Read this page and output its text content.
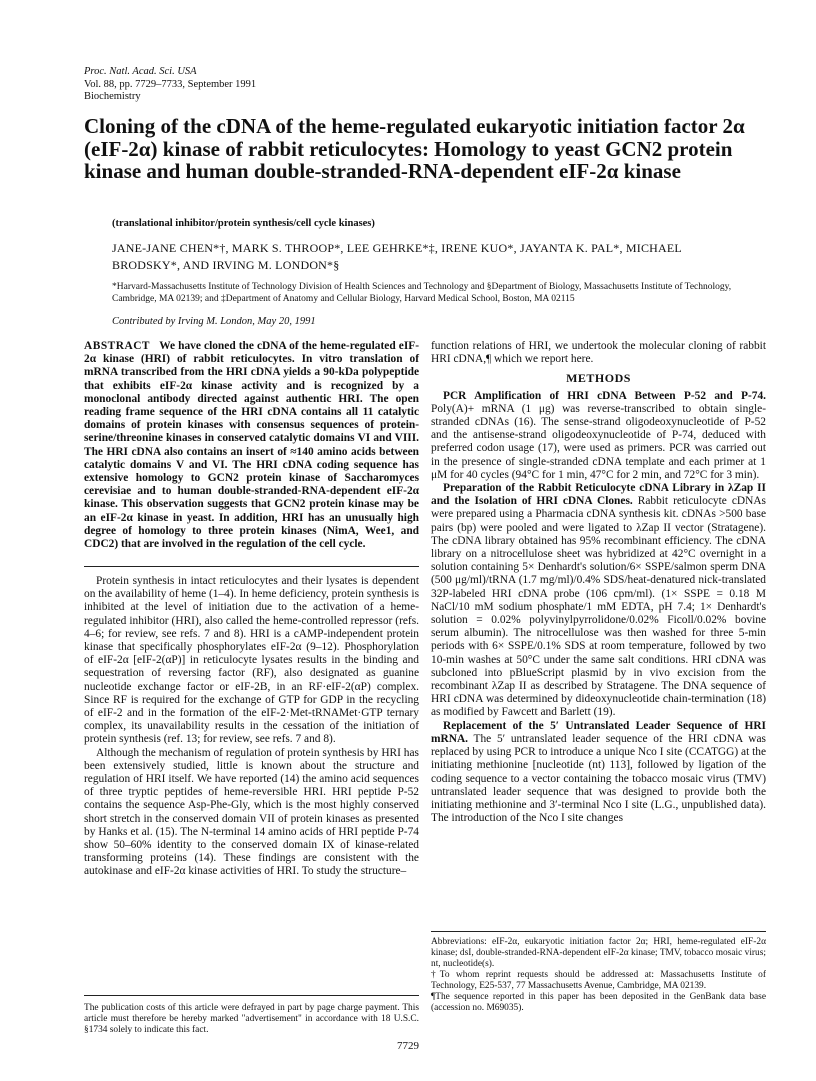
Proc. Natl. Acad. Sci. USA
Vol. 88, pp. 7729–7733, September 1991
Biochemistry
Cloning of the cDNA of the heme-regulated eukaryotic initiation factor 2α (eIF-2α) kinase of rabbit reticulocytes: Homology to yeast GCN2 protein kinase and human double-stranded-RNA-dependent eIF-2α kinase
(translational inhibitor/protein synthesis/cell cycle kinases)
JANE-JANE CHEN*†, MARK S. THROOP*, LEE GEHRKE*‡, IRENE KUO*, JAYANTA K. PAL*, MICHAEL BRODSKY*, AND IRVING M. LONDON*§
*Harvard-Massachusetts Institute of Technology Division of Health Sciences and Technology and §Department of Biology, Massachusetts Institute of Technology, Cambridge, MA 02139; and ‡Department of Anatomy and Cellular Biology, Harvard Medical School, Boston, MA 02115
Contributed by Irving M. London, May 20, 1991

ABSTRACT We have cloned the cDNA of the heme-regulated eIF-2α kinase (HRI) of rabbit reticulocytes. In vitro translation of mRNA transcribed from the HRI cDNA yields a 90-kDa polypeptide that exhibits eIF-2α kinase activity and is recognized by a monoclonal antibody directed against authentic HRI. The open reading frame sequence of the HRI cDNA contains all 11 catalytic domains of protein kinases with consensus sequences of protein-serine/threonine kinases in conserved catalytic domains VI and VIII. The HRI cDNA also contains an insert of ≈140 amino acids between catalytic domains V and VI. The HRI cDNA coding sequence has extensive homology to GCN2 protein kinase of Saccharomyces cerevisiae and to human double-stranded-RNA-dependent eIF-2α kinase. This observation suggests that GCN2 protein kinase may be an eIF-2α kinase in yeast. In addition, HRI has an unusually high degree of homology to three protein kinases (NimA, Wee1, and CDC2) that are involved in the regulation of the cell cycle.

Protein synthesis in intact reticulocytes and their lysates is dependent on the availability of heme (1–4). In heme deficiency, protein synthesis is inhibited at the level of initiation due to the activation of a heme-regulated inhibitor (HRI), also called the heme-controlled repressor (refs. 4–6; for review, see refs. 7 and 8). HRI is a cAMP-independent protein kinase that specifically phosphorylates eIF-2α (9–12). Phosphorylation of eIF-2α [eIF-2(αP)] in reticulocyte lysates results in the binding and sequestration of reversing factor (RF), also designated as guanine nucleotide exchange factor or eIF-2B, in an RF·eIF-2(αP) complex. Since RF is required for the exchange of GTP for GDP in the recycling of eIF-2 and in the formation of the eIF-2·Met-tRNAMet·GTP ternary complex, its unavailability results in the cessation of the initiation of protein synthesis (ref. 13; for review, see refs. 7 and 8).

Although the mechanism of regulation of protein synthesis by HRI has been extensively studied, little is known about the structure and regulation of HRI itself. We have reported (14) the amino acid sequences of three tryptic peptides of heme-reversible HRI. HRI peptide P-52 contains the sequence Asp-Phe-Gly, which is the most highly conserved short stretch in the conserved domain VII of protein kinases as presented by Hanks et al. (15). The N-terminal 14 amino acids of HRI peptide P-74 show 50–60% identity to the conserved domain IX of kinase-related transforming proteins (14). These findings are consistent with the autokinase and eIF-2α kinase activities of HRI. To study the structure–

function relations of HRI, we undertook the molecular cloning of rabbit HRI cDNA,¶ which we report here.

METHODS

PCR Amplification of HRI cDNA Between P-52 and P-74. Poly(A)+ mRNA (1 μg) was reverse-transcribed to obtain single-stranded cDNAs (16). The sense-strand oligodeoxynucleotide of P-52 and the antisense-strand oligodeoxynucleotide of P-74, deduced with preferred codon usage (17), were used as primers. PCR was carried out in the presence of single-stranded cDNA template and each primer at 1 μM for 40 cycles (94°C for 1 min, 47°C for 2 min, and 72°C for 3 min).

Preparation of the Rabbit Reticulocyte cDNA Library in λZap II and the Isolation of HRI cDNA Clones. Rabbit reticulocyte cDNAs were prepared using a Pharmacia cDNA synthesis kit. cDNAs >500 base pairs (bp) were pooled and were ligated to λZap II vector (Stratagene). The cDNA library obtained has 95% recombinant efficiency. The cDNA library on a nitrocellulose sheet was hybridized at 42°C overnight in a solution containing 5× Denhardt's solution/6× SSPE/salmon sperm DNA (500 μg/ml)/tRNA (1.7 mg/ml)/0.4% SDS/heat-denatured nick-translated 32P-labeled HRI cDNA probe (106 cpm/ml). (1× SSPE = 0.18 M NaCl/10 mM sodium phosphate/1 mM EDTA, pH 7.4; 1× Denhardt's solution = 0.02% polyvinylpyrrolidone/0.02% Ficoll/0.02% bovine serum albumin). The nitrocellulose was then washed for three 5-min periods with 6× SSPE/0.1% SDS at room temperature, followed by two 10-min washes at 50°C under the same salt conditions. HRI cDNA was subcloned into pBlueScript plasmid by in vivo excision from the recombinant λZap II as described by Stratagene. The DNA sequence of HRI cDNA was determined by dideoxynucleotide chain-termination (18) as modified by Fawcett and Barlett (19).

Replacement of the 5′ Untranslated Leader Sequence of HRI mRNA. The 5′ untranslated leader sequence of the HRI cDNA was replaced by using PCR to introduce a unique Nco I site (CCATGG) at the initiating methionine [nucleotide (nt) 113], followed by ligation of the coding sequence to a vector containing the tobacco mosaic virus (TMV) untranslated leader sequence that was designed to provide both the initiating methionine and 3′-terminal Nco I site (L.G., unpublished data). The introduction of the Nco I site changes

The publication costs of this article were defrayed in part by page charge payment. This article must therefore be hereby marked "advertisement" in accordance with 18 U.S.C. §1734 solely to indicate this fact.

Abbreviations: eIF-2α, eukaryotic initiation factor 2α; HRI, heme-regulated eIF-2α kinase; dsI, double-stranded-RNA-dependent eIF-2α kinase; TMV, tobacco mosaic virus; nt, nucleotide(s).

†To whom reprint requests should be addressed at: Massachusetts Institute of Technology, E25-537, 77 Massachusetts Avenue, Cambridge, MA 02139.

¶The sequence reported in this paper has been deposited in the GenBank data base (accession no. M69035).

7729
